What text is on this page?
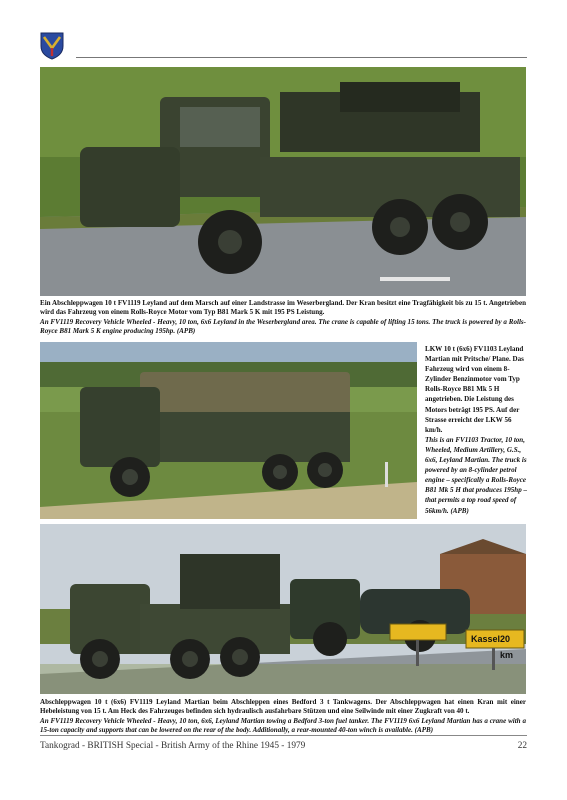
Ein Abschleppwagen 10 t FV1119 Leyland auf dem Marsch auf einer Landstrasse im Weserbergland. Der Kran besitzt eine Tragfähigkeit bis zu 15 t. Angetrieben wird das Fahrzeug von einem Rolls-Royce Motor vom Typ B81 Mark 5 K mit 195 PS Leistung.
An FV1119 Recovery Vehicle Wheeled - Heavy, 10 ton, 6x6 Leyland in the Weserbergland area. The crane is capable of lifting 15 tons. The truck is powered by a Rolls-Royce B81 Mark 5 K engine producing 195hp. (APB)

LKW 10 t (6x6) FV1103 Leyland Martian mit Pritsche/ Plane. Das Fahrzeug wird von einem 8-Zylinder Benzinmotor vom Typ Rolls-Royce B81 Mk 5 H angetrieben. Die Leistung des Motors beträgt 195 PS. Auf der Strasse erreicht der LKW 56 km/h.
This is an FV1103 Tractor, 10 ton, Wheeled, Medium Artillery, G.S., 6x6, Leyland Martian. The truck is powered by an 8-cylinder petrol engine – specifically a Rolls-Royce B81 Mk 5 H that produces 195hp – that permits a top road speed of 56km/h. (APB)

Kassel 20 km

Abschleppwagen 10 t (6x6) FV1119 Leyland Martian beim Abschleppen eines Bedford 3 t Tankwagens. Der Abschleppwagen hat einen Kran mit einer Hebeleistung von 15 t. Am Heck des Fahrzeuges befinden sich hydraulisch ausfahrbare Stützen und eine Seilwinde mit einer Zugkraft von 40 t.
An FV1119 Recovery Vehicle Wheeled - Heavy, 10 ton, 6x6, Leyland Martian towing a Bedford 3-ton fuel tanker. The FV1119 6x6 Leyland Martian has a crane with a 15-ton capacity and supports that can be lowered on the rear of the body. Additionally, a rear-mounted 40-ton winch is available. (APB)

Tankograd - BRITISH Special - British Army of the Rhine 1945 - 1979	22
